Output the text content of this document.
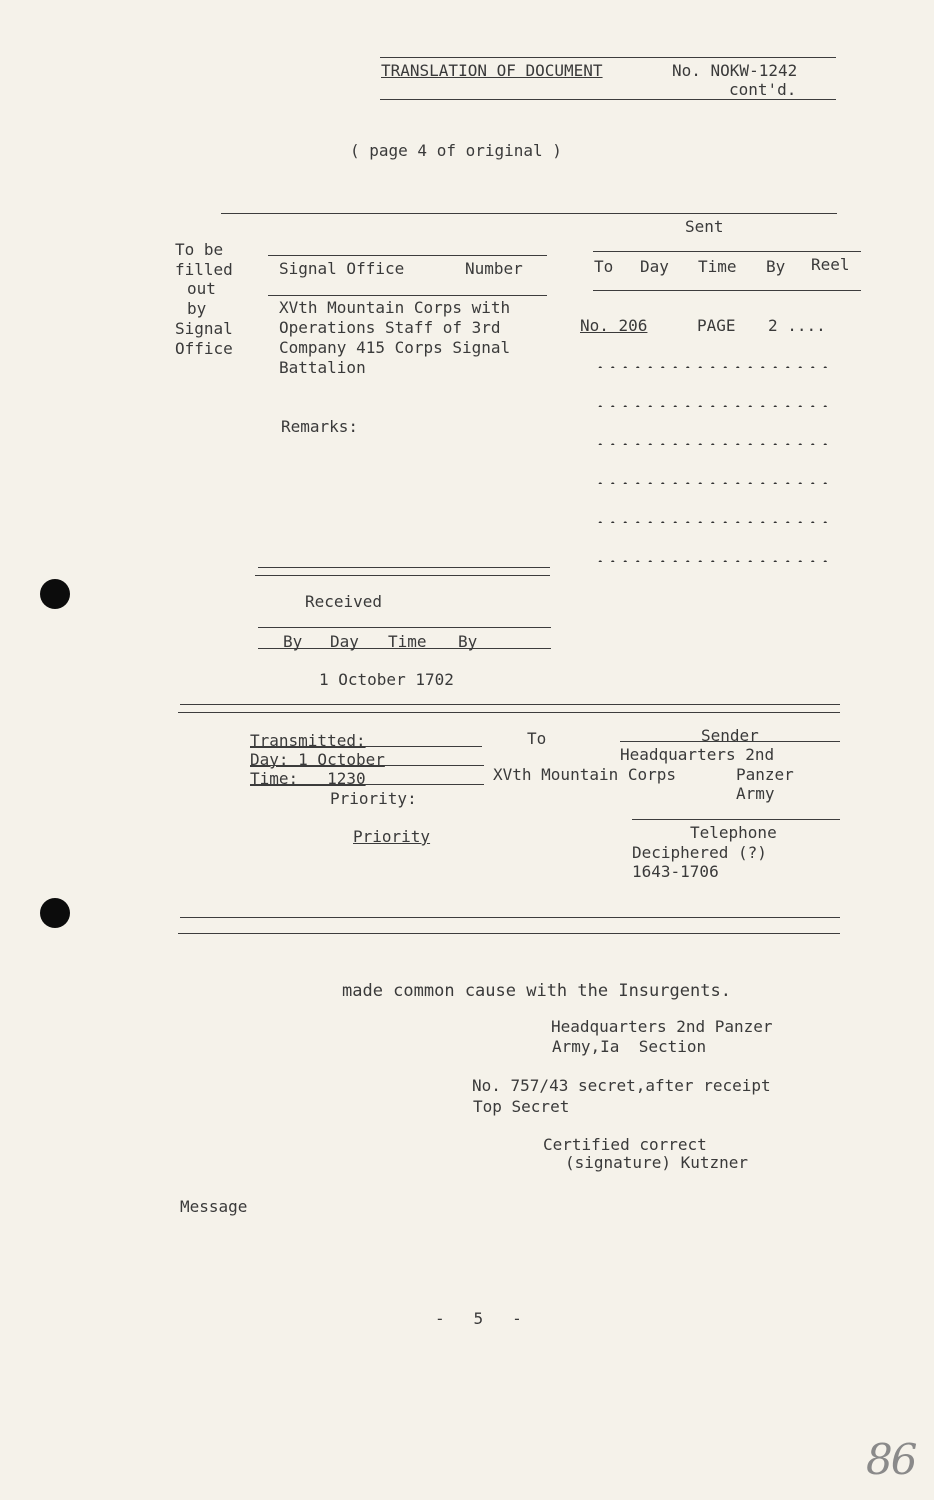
TRANSLATION OF DOCUMENT	No. NOKW-1242
cont'd.
( page 4 of original )
Sent
To be
filled
out
by
Signal
Office
Signal Office	Number	To Day Time By Reel
XVth Mountain Corps with
Operations Staff of 3rd
Company 415 Corps Signal
Battalion
No. 206	PAGE 2 ....
Remarks:
Received
By Day Time By
1 October 1702
Transmitted:
Day: 1 October
Time:   1230
Priority:
Priority
To
XVth Mountain Corps
Sender
Headquarters 2nd
Panzer
Army
Telephone
Deciphered (?)
1643-1706
made common cause with the Insurgents.
Headquarters 2nd Panzer
Army,Ia  Section
No. 757/43 secret,after receipt
Top Secret
Certified correct
(signature) Kutzner
Message
-   5   -
86
